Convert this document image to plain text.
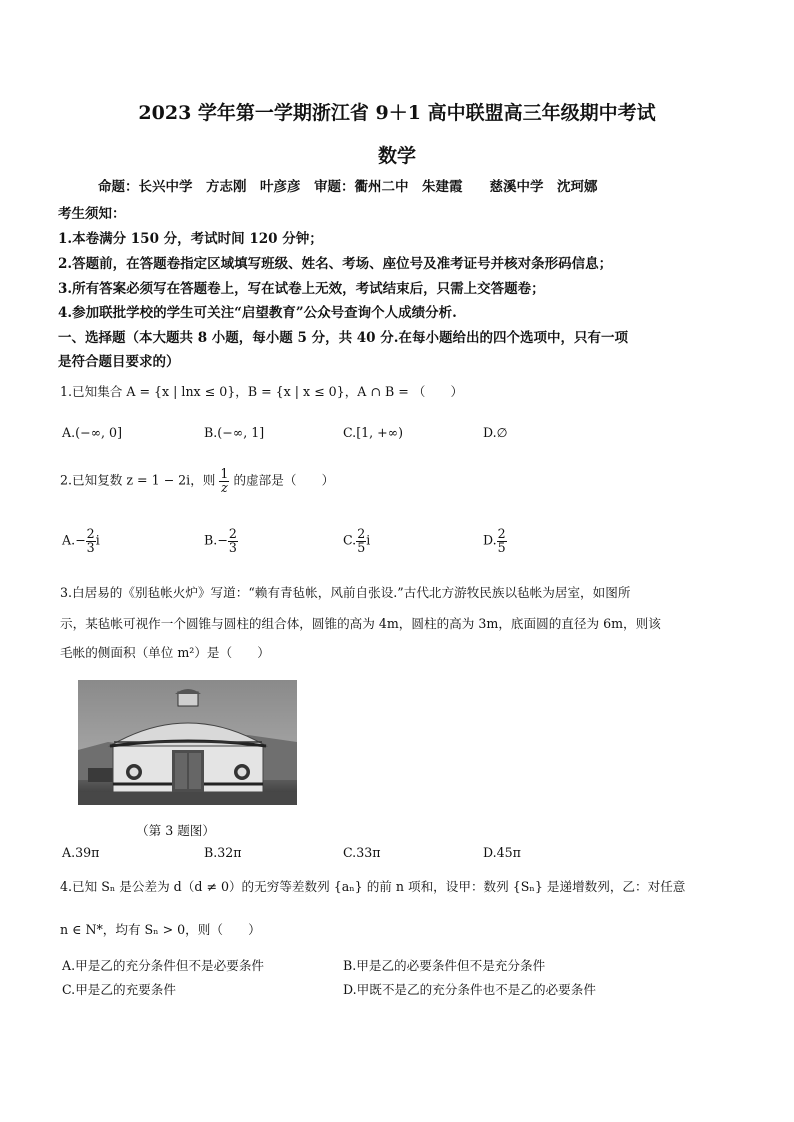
2023 学年第一学期浙江省 9＋1 高中联盟高三年级期中考试
数学
命题：长兴中学　方志刚　叶彦彦　审题：衢州二中　朱建霞　　慈溪中学　沈珂娜
考生须知：
1.本卷满分 150 分，考试时间 120 分钟；
2.答题前，在答题卷指定区域填写班级、姓名、考场、座位号及准考证号并核对条形码信息；
3.所有答案必须写在答题卷上，写在试卷上无效，考试结束后，只需上交答题卷；
4.参加联批学校的学生可关注“启望教育”公众号查询个人成绩分析.
一、选择题（本大题共 8 小题，每小题 5 分，共 40 分.在每小题给出的四个选项中，只有一项
是符合题目要求的）
1.已知集合 A = {x | lnx ≤ 0}，B = {x | x ≤ 0}，A ∩ B = （　　）
A.(−∞, 0]	B.(−∞, 1]	C.[1, +∞)	D.∅
2.已知复数 z = 1 − 2i，则 $\frac{1}{z}$ 的虚部是（　　）
$A.- \frac{2}{3}$ i	$B.- \frac{2}{3}$	C. $\frac{2}{5}$ i	D. $\frac{2}{5}$
3.白居易的《别毡帐火炉》写道：“赖有青毡帐，风前自张设.”古代北方游牧民族以毡帐为居室，如图所
示，某毡帐可视作一个圆锥与圆柱的组合体，圆锥的高为 4m，圆柱的高为 3m，底面圆的直径为 6m，则该
毛帐的侧面积（单位 m²）是（　　）
（第 3 题图）
A.39π	B.32π	C.33π	D.45π
4.已知 Sₙ 是公差为 d（d ≠ 0）的无穷等差数列 {aₙ} 的前 n 项和，设甲：数列 {Sₙ} 是递增数列，乙：对任意
n ∈ N*，均有 Sₙ > 0，则（　　）
A.甲是乙的充分条件但不是必要条件	B.甲是乙的必要条件但不是充分条件
C.甲是乙的充要条件	D.甲既不是乙的充分条件也不是乙的必要条件
